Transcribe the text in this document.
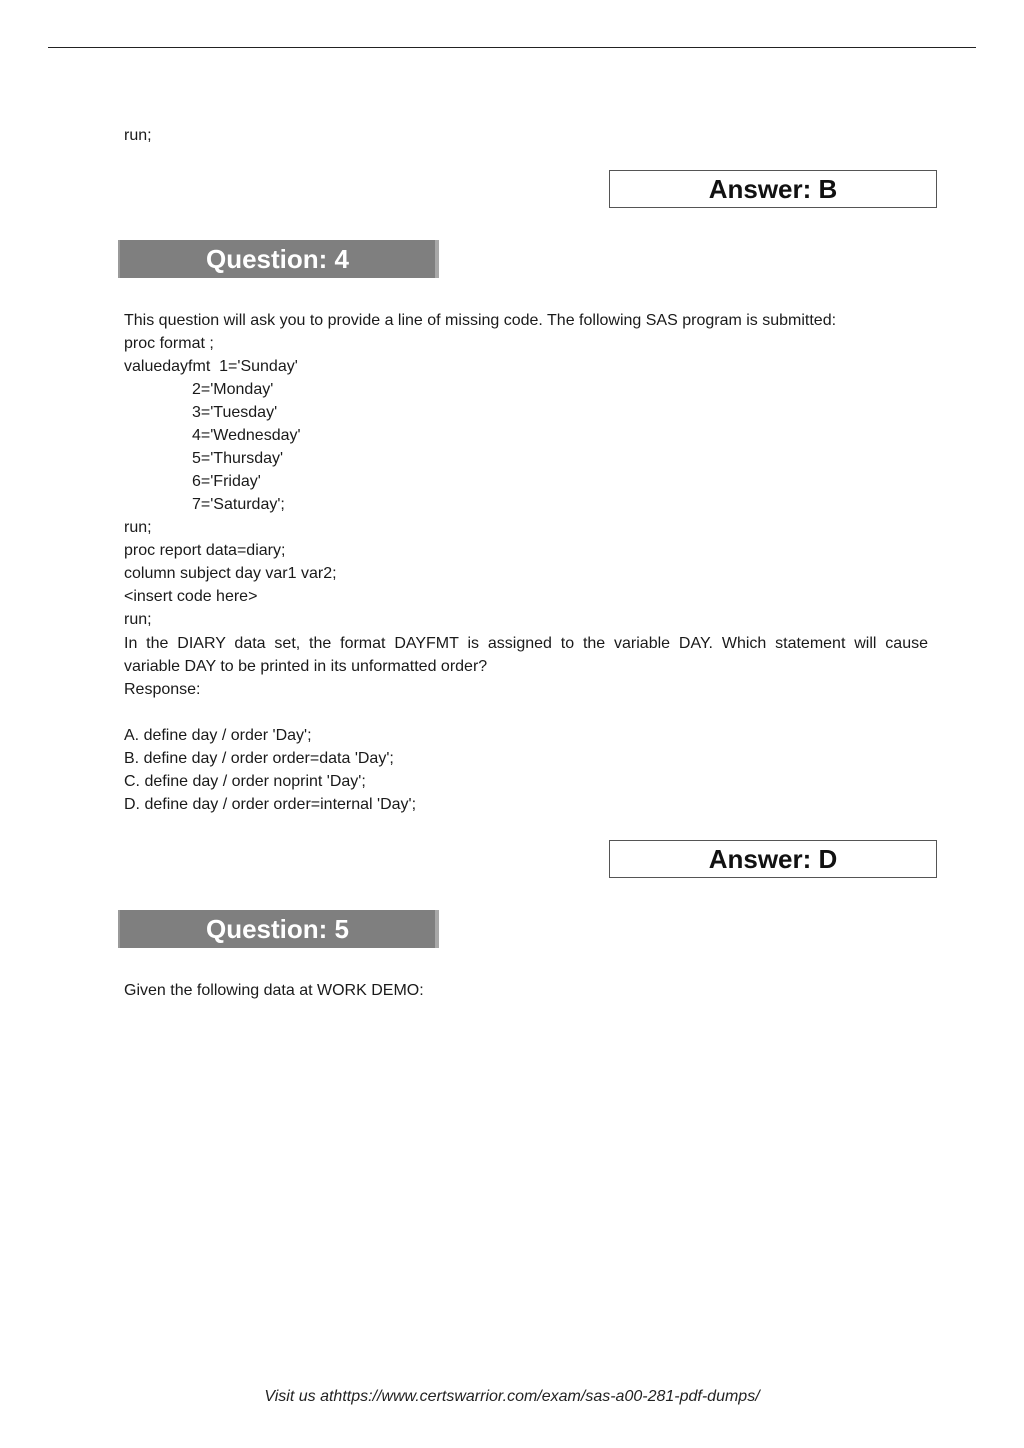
run;
Answer: B
Question: 4
This question will ask you to provide a line of missing code. The following SAS program is submitted:
proc format ;
valuedayfmt  1='Sunday'
2='Monday'
3='Tuesday'
4='Wednesday'
5='Thursday'
6='Friday'
7='Saturday';
run;
proc report data=diary;
column subject day var1 var2;
<insert code here>
run;
In the DIARY data set, the format DAYFMT is assigned to the variable DAY. Which statement will cause
variable DAY to be printed in its unformatted order?
Response:
A. define day / order 'Day';
B. define day / order order=data 'Day';
C. define day / order noprint 'Day';
D. define day / order order=internal 'Day';
Answer: D
Question: 5
Given the following data at WORK DEMO:
Visit us athttps://www.certswarrior.com/exam/sas-a00-281-pdf-dumps/
